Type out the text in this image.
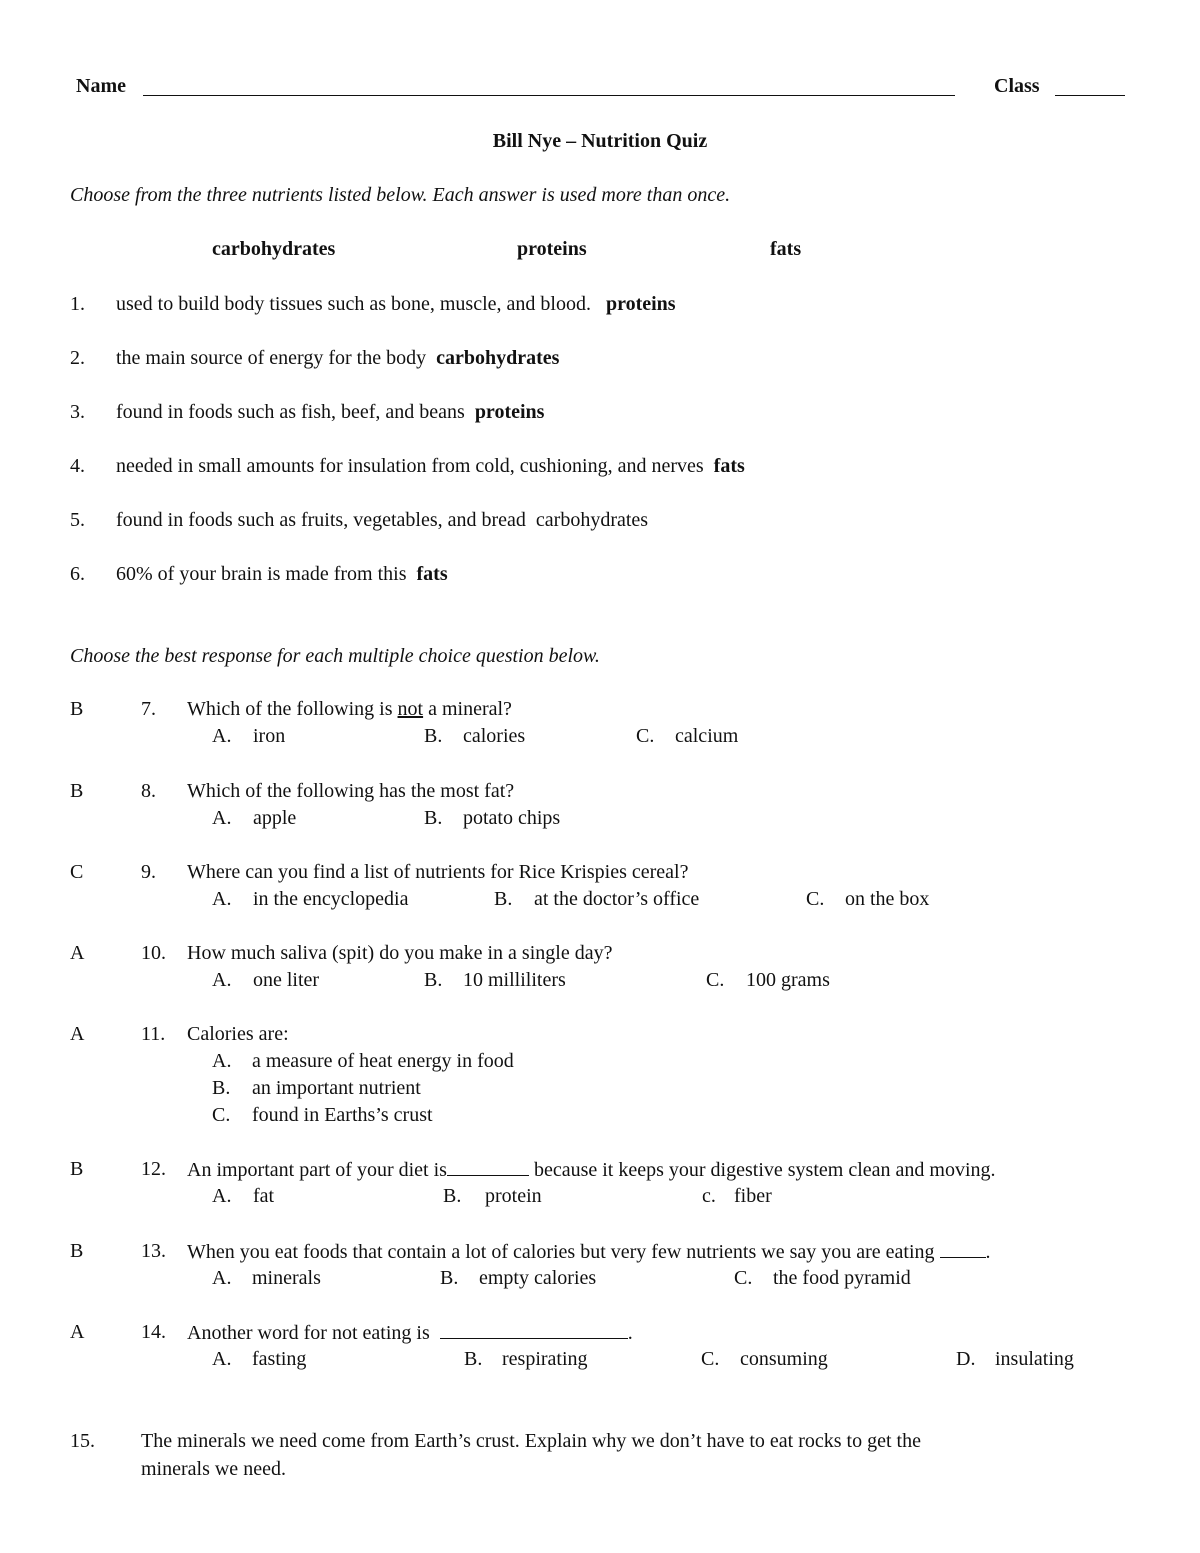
Name	Class
Bill Nye – Nutrition Quiz
Choose from the three nutrients listed below. Each answer is used more than once.
carbohydrates	proteins	fats
1. used to build body tissues such as bone, muscle, and blood. proteins
2. the main source of energy for the body carbohydrates
3. found in foods such as fish, beef, and beans proteins
4. needed in small amounts for insulation from cold, cushioning, and nerves fats
5. found in foods such as fruits, vegetables, and bread carbohydrates
6. 60% of your brain is made from this fats
Choose the best response for each multiple choice question below.
B	7. Which of the following is not a mineral?
A. iron	B. calories	C. calcium
B	8. Which of the following has the most fat?
A. apple	B. potato chips
C	9. Where can you find a list of nutrients for Rice Krispies cereal?
A. in the encyclopedia	B. at the doctor’s office	C. on the box
A	10. How much saliva (spit) do you make in a single day?
A. one liter	B. 10 milliliters	C. 100 grams
A	11. Calories are:
A. a measure of heat energy in food
B. an important nutrient
C. found in Earths’s crust
B	12. An important part of your diet is	because it keeps your digestive system clean and moving.
A. fat	B. protein	c. fiber
B	13. When you eat foods that contain a lot of calories but very few nutrients we say you are eating	.
A. minerals	B. empty calories	C. the food pyramid
A	14. Another word for not eating is	.
A. fasting	B. respirating	C. consuming	D. insulating
15. The minerals we need come from Earth’s crust. Explain why we don’t have to eat rocks to get the
minerals we need.
